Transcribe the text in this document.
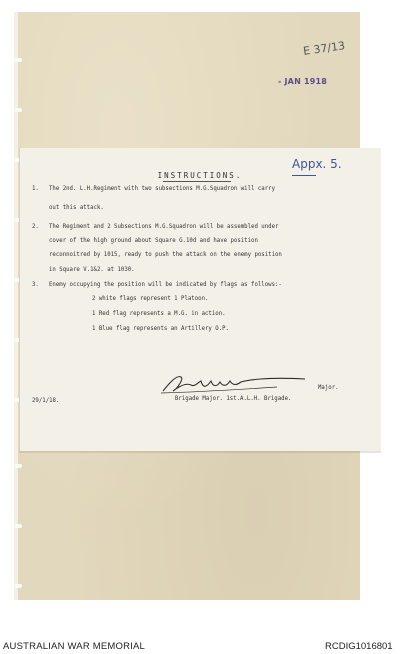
E 37/13
- JAN 1918
Appx. 5.
INSTRUCTIONS.
1. The 2nd. L.H.Regiment with two subsections M.G.Squadron will carry
out this attack.
2. The Regiment and 2 Subsections M.G.Squadron will be assembled under
cover of the high ground about Square G.10d and have position
reconnoitred by 1015, ready to push the attack on the enemy position
in Square V.1&2. at 1030.
3. Enemy occupying the position will be indicated by flags as follows:-
2 white flags represent 1 Platoon.
1 Red flag represents a M.G. in action.
1 Blue flag represents an Artillery O.P.
Major.
29/1/18.	Brigade Major. 1st.A.L.H. Brigade.
AUSTRALIAN WAR MEMORIAL	RCDIG1016801
